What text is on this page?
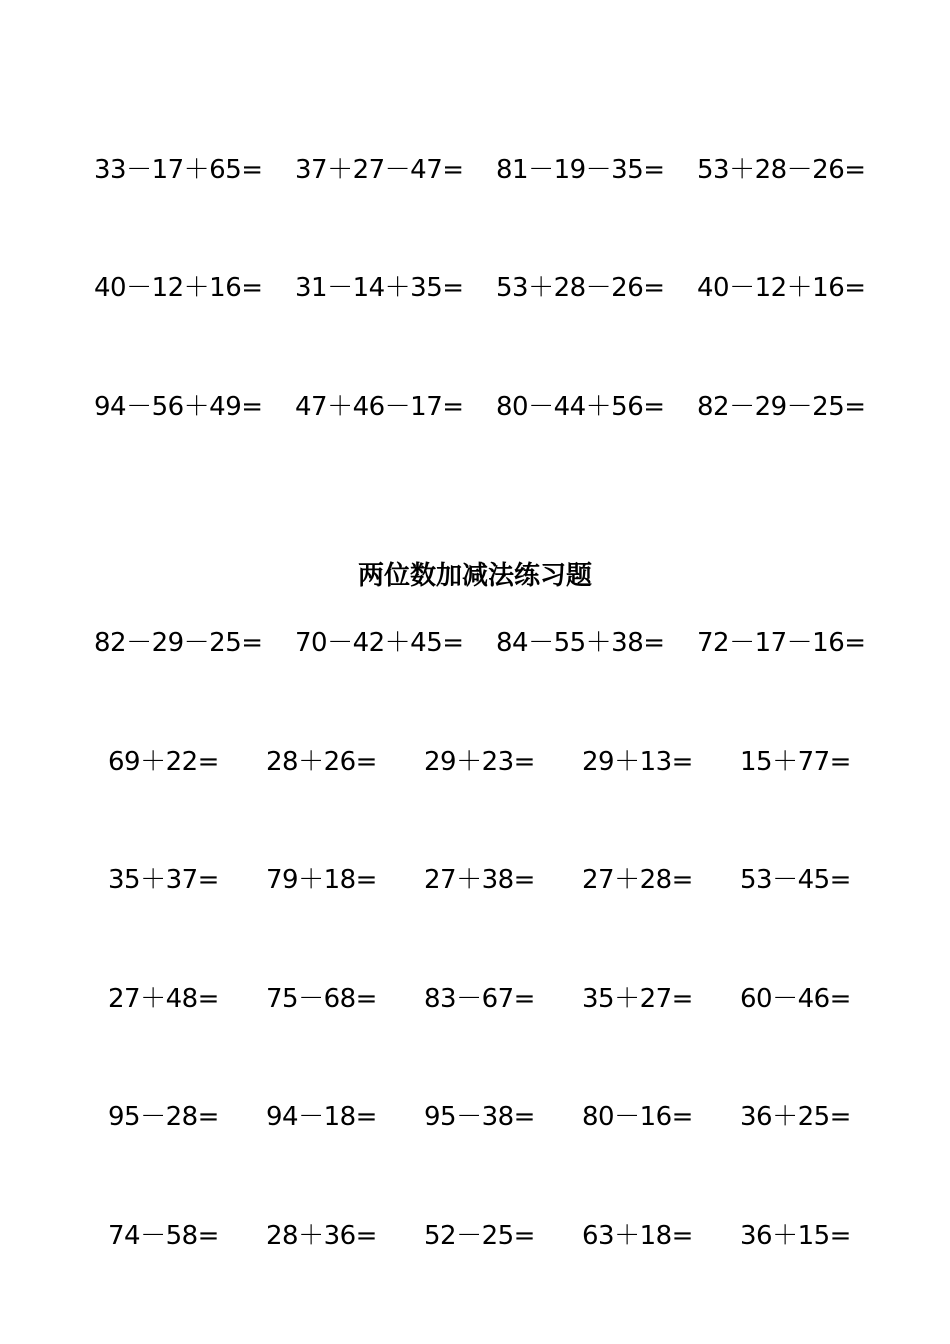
33－17＋65= 37＋27－47= 81－19－35= 53＋28－26=
40－12＋16= 31－14＋35= 53＋28－26= 40－12＋16=
94－56＋49= 47＋46－17= 80－44＋56= 82－29－25=
两位数加减法练习题
82－29－25= 70－42＋45= 84－55＋38= 72－17－16=
69＋22= 28＋26= 29＋23= 29＋13= 15＋77=
35＋37= 79＋18= 27＋38= 27＋28= 53－45=
27＋48= 75－68= 83－67= 35＋27= 60－46=
95－28= 94－18= 95－38= 80－16= 36＋25=
74－58= 28＋36= 52－25= 63＋18= 36＋15=
